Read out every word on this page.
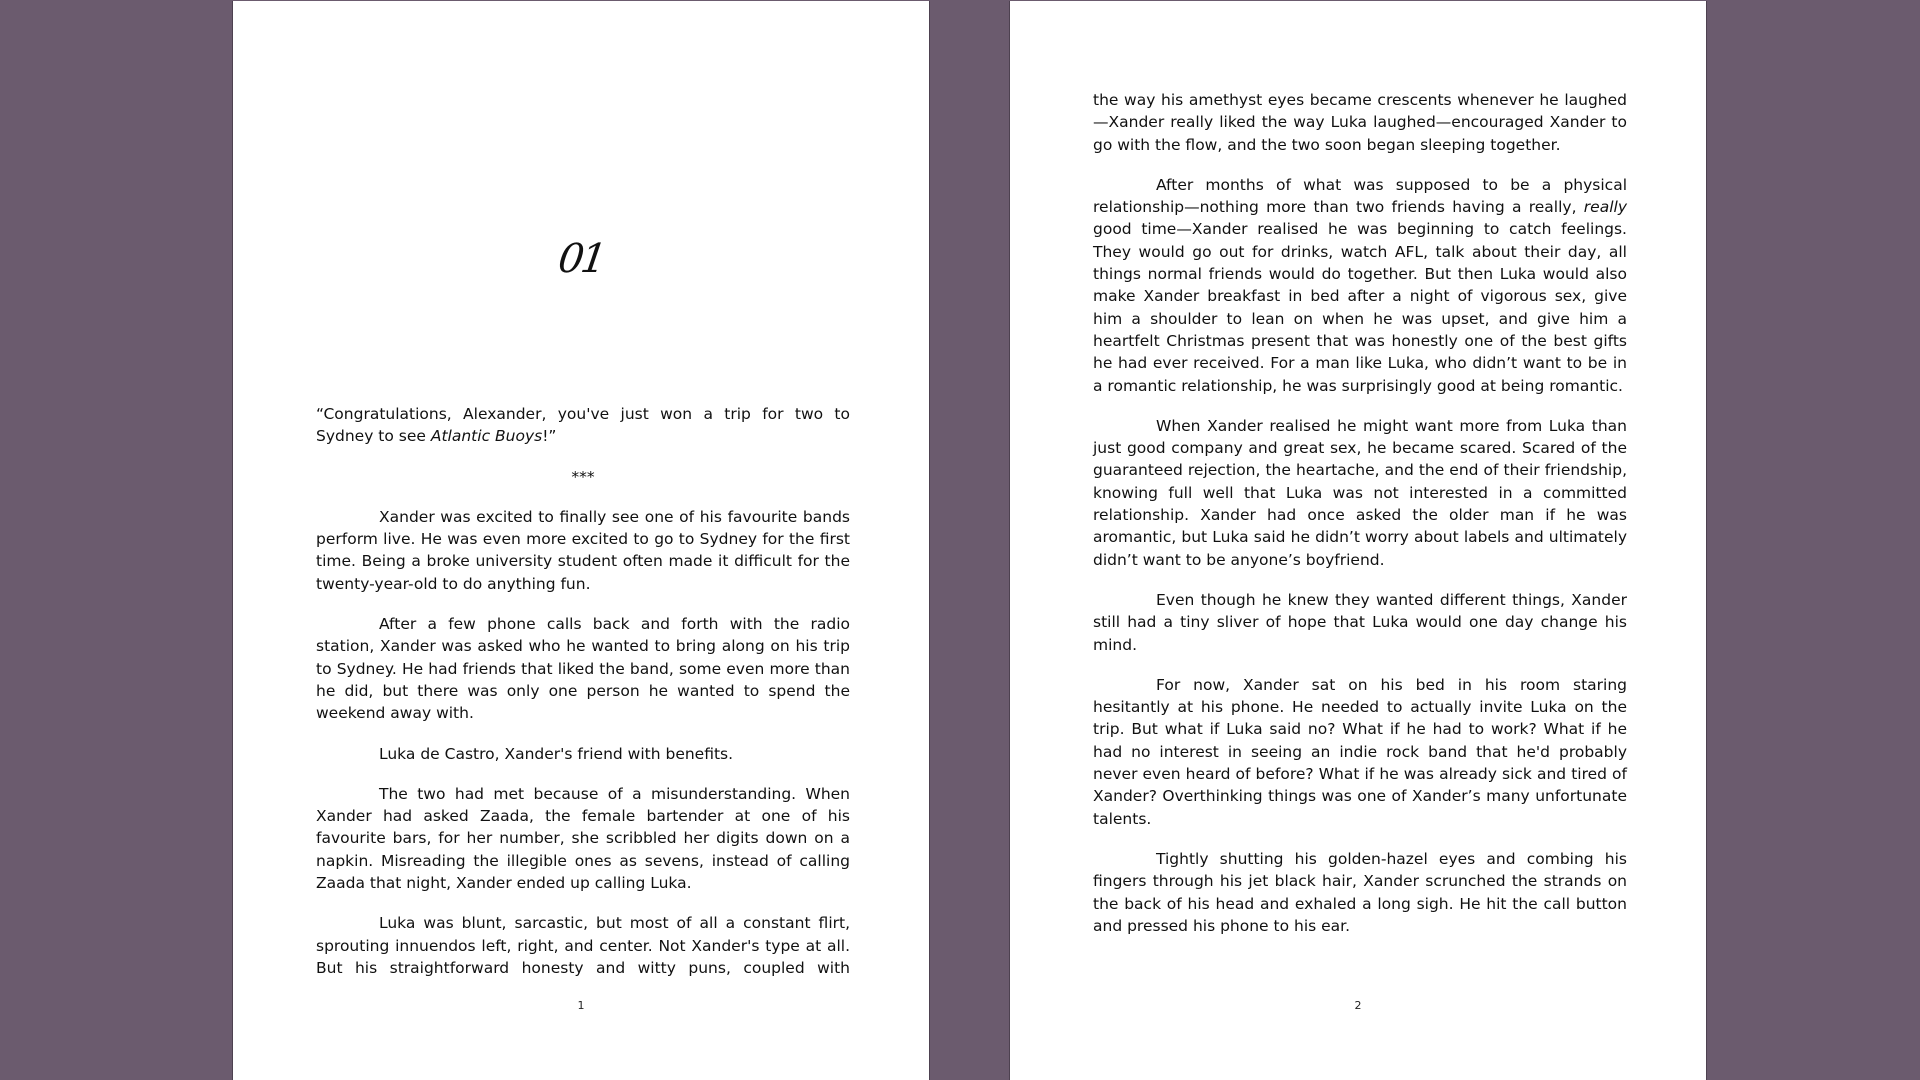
01

“Congratulations, Alexander, you've just won a trip for two to Sydney to see Atlantic Buoys!”

***

Xander was excited to finally see one of his favourite bands perform live. He was even more excited to go to Sydney for the first time. Being a broke university student often made it difficult for the twenty-year-old to do anything fun.

After a few phone calls back and forth with the radio station, Xander was asked who he wanted to bring along on his trip to Sydney. He had friends that liked the band, some even more than he did, but there was only one person he wanted to spend the weekend away with.

Luka de Castro, Xander's friend with benefits.

The two had met because of a misunderstanding. When Xander had asked Zaada, the female bartender at one of his favourite bars, for her number, she scribbled her digits down on a napkin. Misreading the illegible ones as sevens, instead of calling Zaada that night, Xander ended up calling Luka.

Luka was blunt, sarcastic, but most of all a constant flirt, sprouting innuendos left, right, and center. Not Xander's type at all. But his straightforward honesty and witty puns, coupled with

1

the way his amethyst eyes became crescents whenever he laughed—Xander really liked the way Luka laughed—encouraged Xander to go with the flow, and the two soon began sleeping together.

After months of what was supposed to be a physical relationship—nothing more than two friends having a really, really good time—Xander realised he was beginning to catch feelings. They would go out for drinks, watch AFL, talk about their day, all things normal friends would do together. But then Luka would also make Xander breakfast in bed after a night of vigorous sex, give him a shoulder to lean on when he was upset, and give him a heartfelt Christmas present that was honestly one of the best gifts he had ever received. For a man like Luka, who didn’t want to be in a romantic relationship, he was surprisingly good at being romantic.

When Xander realised he might want more from Luka than just good company and great sex, he became scared. Scared of the guaranteed rejection, the heartache, and the end of their friendship, knowing full well that Luka was not interested in a committed relationship. Xander had once asked the older man if he was aromantic, but Luka said he didn’t worry about labels and ultimately didn’t want to be anyone’s boyfriend.

Even though he knew they wanted different things, Xander still had a tiny sliver of hope that Luka would one day change his mind.

For now, Xander sat on his bed in his room staring hesitantly at his phone. He needed to actually invite Luka on the trip. But what if Luka said no? What if he had to work? What if he had no interest in seeing an indie rock band that he'd probably never even heard of before? What if he was already sick and tired of Xander? Overthinking things was one of Xander’s many unfortunate talents.

Tightly shutting his golden-hazel eyes and combing his fingers through his jet black hair, Xander scrunched the strands on the back of his head and exhaled a long sigh. He hit the call button and pressed his phone to his ear.

2
